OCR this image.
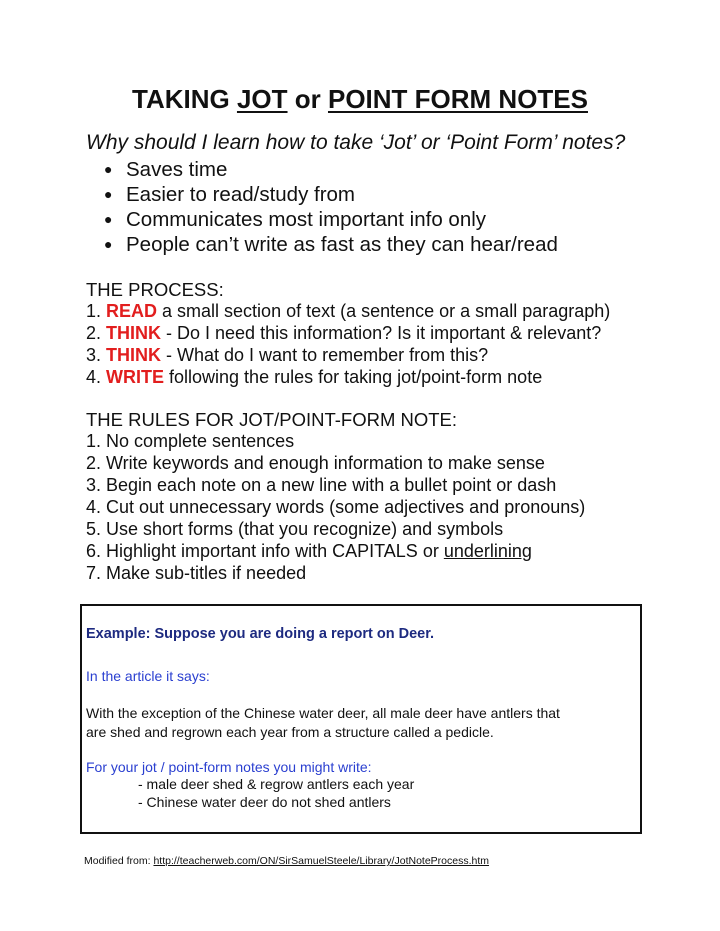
TAKING JOT or POINT FORM NOTES
Why should I learn how to take ‘Jot’ or ‘Point Form’ notes?
● Saves time
● Easier to read/study from
● Communicates most important info only
● People can’t write as fast as they can hear/read
THE PROCESS:
1. READ a small section of text (a sentence or a small paragraph)
2. THINK - Do I need this information? Is it important & relevant?
3. THINK - What do I want to remember from this?
4. WRITE following the rules for taking jot/point-form note
THE RULES FOR JOT/POINT-FORM NOTE:
1. No complete sentences
2. Write keywords and enough information to make sense
3. Begin each note on a new line with a bullet point or dash
4. Cut out unnecessary words (some adjectives and pronouns)
5. Use short forms (that you recognize) and symbols
6. Highlight important info with CAPITALS or underlining
7. Make sub-titles if needed
Example: Suppose you are doing a report on Deer.
In the article it says:
With the exception of the Chinese water deer, all male deer have antlers that
are shed and regrown each year from a structure called a pedicle.
For your jot / point-form notes you might write:
- male deer shed & regrow antlers each year
- Chinese water deer do not shed antlers
Modified from: http://teacherweb.com/ON/SirSamuelSteele/Library/JotNoteProcess.htm
